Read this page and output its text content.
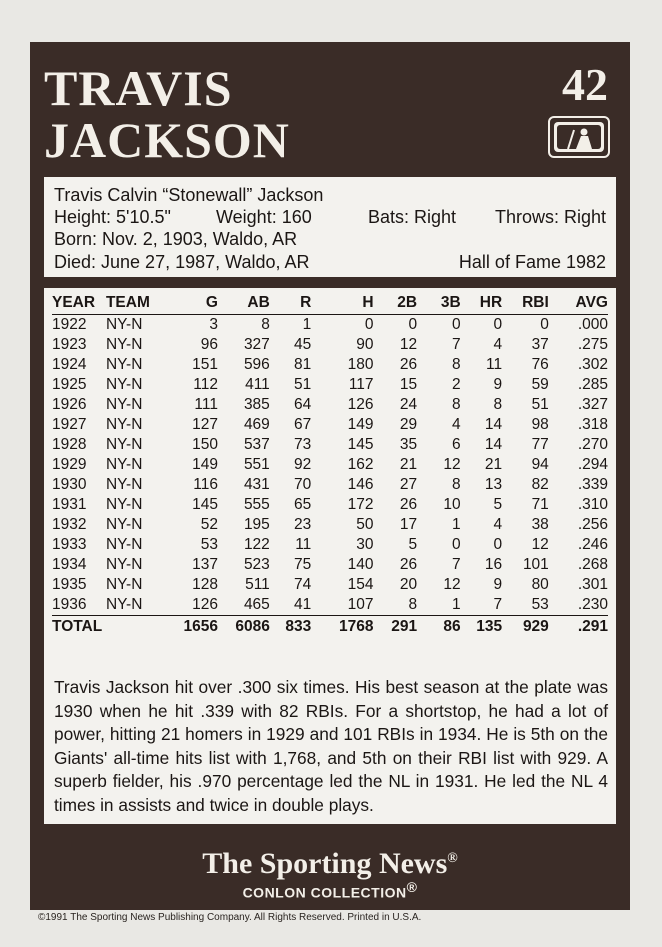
TRAVIS
JACKSON
42
Travis Calvin “Stonewall” Jackson
Height: 5'10.5"	Weight: 160	Bats: Right Throws: Right
Born: Nov. 2, 1903, Waldo, AR
Died: June 27, 1987, Waldo, AR	Hall of Fame 1982
YEAR	TEAM	G	AB	R	H	2B	3B	HR	RBI	AVG
1922	NY-N	3	8	1	0	0	0	0	0	.000
1923	NY-N	96	327	45	90	12	7	4	37	.275
1924	NY-N	151	596	81	180	26	8	11	76	.302
1925	NY-N	112	411	51	117	15	2	9	59	.285
1926	NY-N	111	385	64	126	24	8	8	51	.327
1927	NY-N	127	469	67	149	29	4	14	98	.318
1928	NY-N	150	537	73	145	35	6	14	77	.270
1929	NY-N	149	551	92	162	21	12	21	94	.294
1930	NY-N	116	431	70	146	27	8	13	82	.339
1931	NY-N	145	555	65	172	26	10	5	71	.310
1932	NY-N	52	195	23	50	17	1	4	38	.256
1933	NY-N	53	122	11	30	5	0	0	12	.246
1934	NY-N	137	523	75	140	26	7	16	101	.268
1935	NY-N	128	511	74	154	20	12	9	80	.301
1936	NY-N	126	465	41	107	8	1	7	53	.230
TOTAL		1656	6086	833	1768	291	86	135	929	.291
Travis Jackson hit over .300 six times. His best season at the plate was 1930 when he hit .339 with 82 RBIs. For a shortstop, he had a lot of power, hitting 21 homers in 1929 and 101 RBIs in 1934. He is 5th on the Giants' all-time hits list with 1,768, and 5th on their RBI list with 929. A superb fielder, his .970 percentage led the NL in 1931. He led the NL 4 times in assists and twice in double plays.
The Sporting News®
CONLON COLLECTION®
©1991 The Sporting News Publishing Company. All Rights Reserved. Printed in U.S.A.
